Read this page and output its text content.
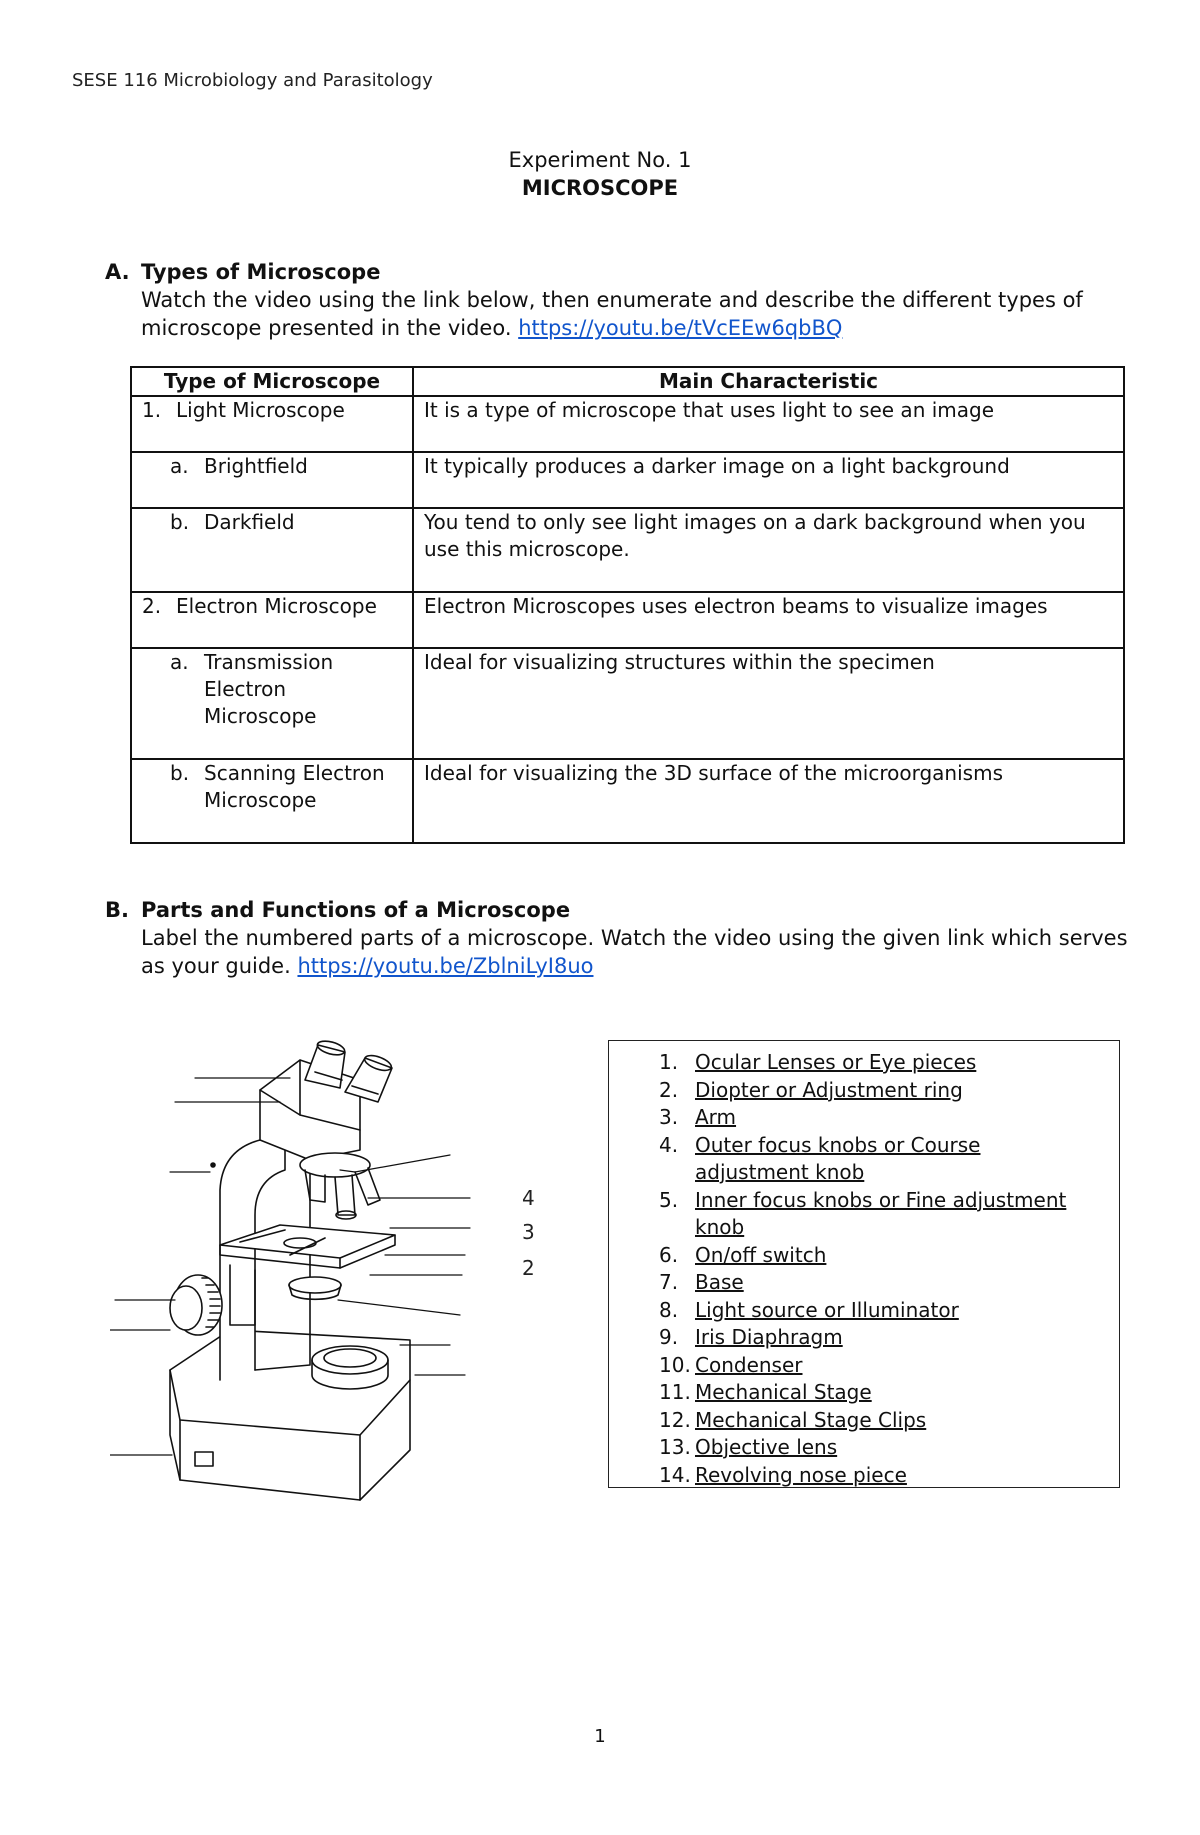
SESE 116 Microbiology and Parasitology
Experiment No. 1
MICROSCOPE
A. Types of Microscope
Watch the video using the link below, then enumerate and describe the different types of microscope presented in the video. https://youtu.be/tVcEEw6qbBQ
Type of Microscope	Main Characteristic

1. Light Microscope	It is a type of microscope that uses light to see an image

a. Brightfield	It typically produces a darker image on a light background

b. Darkfield	You tend to only see light images on a dark background when you use this microscope.

2. Electron Microscope	Electron Microscopes uses electron beams to visualize images

a. Transmission Electron Microscope	Ideal for visualizing structures within the specimen

b. Scanning Electron Microscope	Ideal for visualizing the 3D surface of the microorganisms
B. Parts and Functions of a Microscope
Label the numbered parts of a microscope. Watch the video using the given link which serves as your guide. https://youtu.be/ZblniLyI8uo
4
3
2
1. Ocular Lenses or Eye pieces
2. Diopter or Adjustment ring
3. Arm
4. Outer focus knobs or Course adjustment knob
5. Inner focus knobs or Fine adjustment knob
6. On/off switch
7. Base
8. Light source or Illuminator
9. Iris Diaphragm
10. Condenser
11. Mechanical Stage
12. Mechanical Stage Clips
13. Objective lens
14. Revolving nose piece
1
